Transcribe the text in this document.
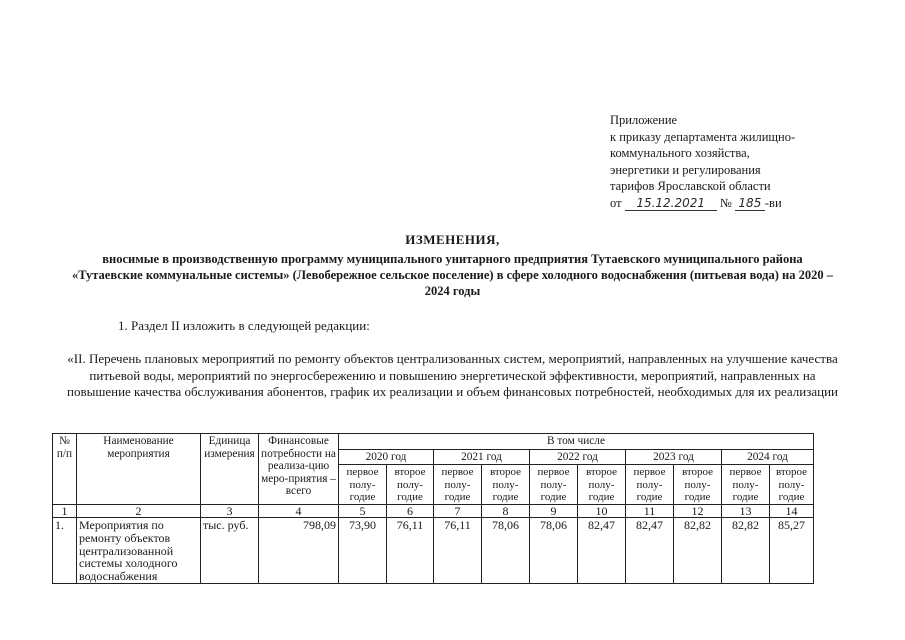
Приложение
к приказу департамента жилищно-
коммунального хозяйства,
энергетики и регулирования
тарифов Ярославской области
от 15.12.2021 № 185 -ви
ИЗМЕНЕНИЯ,
вносимые в производственную программу муниципального унитарного предприятия Тутаевского муниципального района «Тутаевские коммунальные системы» (Левобережное сельское поселение) в сфере холодного водоснабжения (питьевая вода) на 2020 – 2024 годы
1. Раздел II изложить в следующей редакции:
«II. Перечень плановых мероприятий по ремонту объектов централизованных систем, мероприятий, направленных на улучшение качества питьевой воды, мероприятий по энергосбережению и повышению энергетической эффективности, мероприятий, направленных на повышение качества обслуживания абонентов, график их реализации и объем финансовых потребностей, необходимых для их реализации
№ п/п	Наименование мероприятия	Единица измерения	Финансовые потребности на реализа-цию меро-приятия – всего	В том числе									
				2020 год		2021 год		2022 год		2023 год		2024 год	
				первое полу-годие	второе полу-годие	первое полу-годие	второе полу-годие	первое полу-годие	второе полу-годие	первое полу-годие	второе полу-годие	первое полу-годие	второе полу-годие
1	2	3	4	5	6	7	8	9	10	11	12	13	14
1.	Мероприятия по ремонту объектов централизованной системы холодного водоснабжения	тыс. руб.	798,09	73,90	76,11	76,11	78,06	78,06	82,47	82,47	82,82	82,82	85,27
